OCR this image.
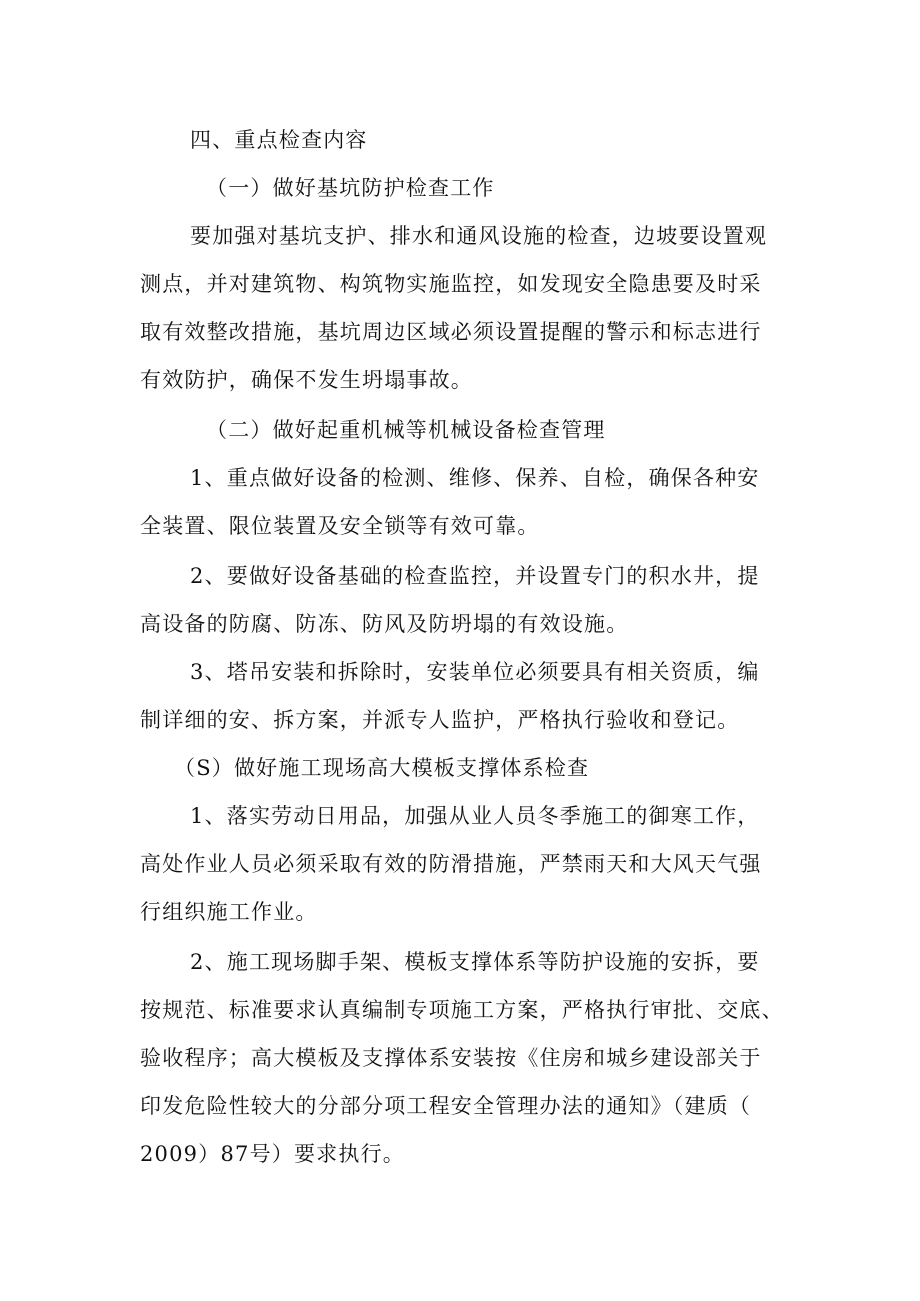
四、重点检查内容
（一）做好基坑防护检查工作
要加强对基坑支护、排水和通风设施的检查，边坡要设置观
测点，并对建筑物、构筑物实施监控，如发现安全隐患要及时采
取有效整改措施，基坑周边区域必须设置提醒的警示和标志进行
有效防护，确保不发生坍塌事故。
（二）做好起重机械等机械设备检查管理
1、重点做好设备的检测、维修、保养、自检，确保各种安
全装置、限位装置及安全锁等有效可靠。
2、要做好设备基础的检查监控，并设置专门的积水井，提
高设备的防腐、防冻、防风及防坍塌的有效设施。
3、塔吊安装和拆除时，安装单位必须要具有相关资质，编
制详细的安、拆方案，并派专人监护，严格执行验收和登记。
（S）做好施工现场高大模板支撑体系检查
1、落实劳动日用品，加强从业人员冬季施工的御寒工作，
高处作业人员必须采取有效的防滑措施，严禁雨天和大风天气强
行组织施工作业。
2、施工现场脚手架、模板支撑体系等防护设施的安拆，要
按规范、标准要求认真编制专项施工方案，严格执行审批、交底、
验收程序；高大模板及支撑体系安装按《住房和城乡建设部关于
印发危险性较大的分部分项工程安全管理办法的通知》（建质（
2009）87号）要求执行。
